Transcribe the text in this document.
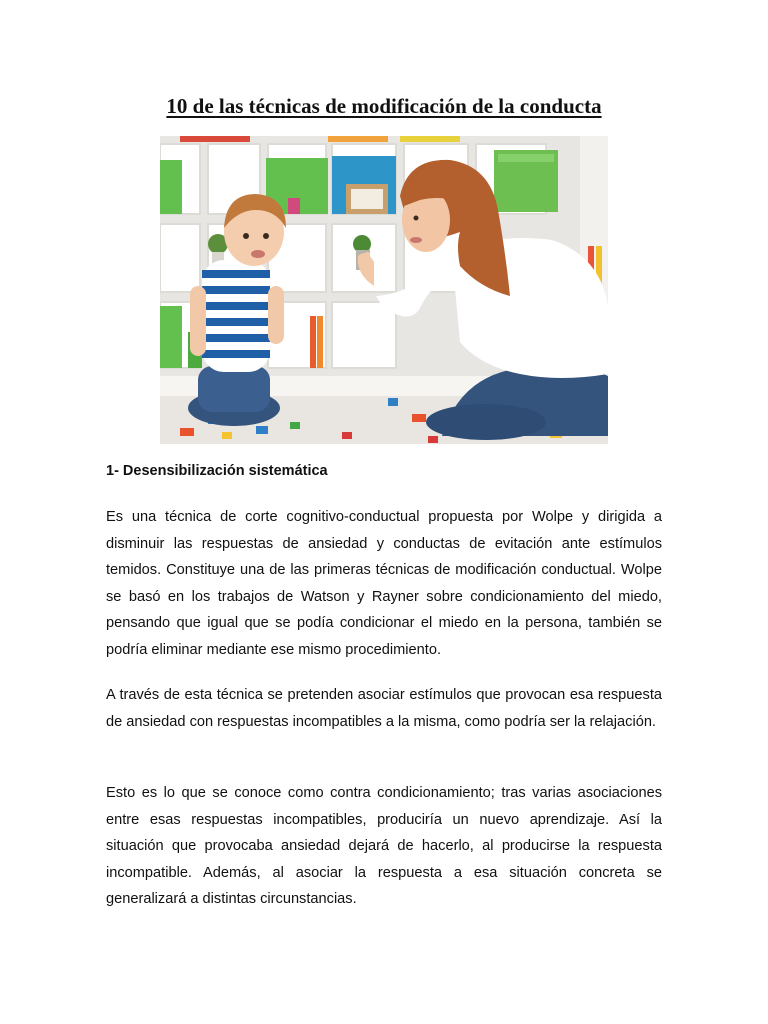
10 de las técnicas de modificación de la conducta
1- Desensibilización sistemática

Es una técnica de corte cognitivo-conductual propuesta por Wolpe y dirigida a disminuir las respuestas de ansiedad y conductas de evitación ante estímulos temidos. Constituye una de las primeras técnicas de modificación conductual. Wolpe se basó en los trabajos de Watson y Rayner sobre condicionamiento del miedo, pensando que igual que se podía condicionar el miedo en la persona, también se podría eliminar mediante ese mismo procedimiento.

A través de esta técnica se pretenden asociar estímulos que provocan esa respuesta de ansiedad con respuestas incompatibles a la misma, como podría ser la relajación.

Esto es lo que se conoce como contra condicionamiento; tras varias asociaciones entre esas respuestas incompatibles, produciría un nuevo aprendizaje. Así la situación que provocaba ansiedad dejará de hacerlo, al producirse la respuesta incompatible. Además, al asociar la respuesta a esa situación concreta se generalizará a distintas circunstancias.
